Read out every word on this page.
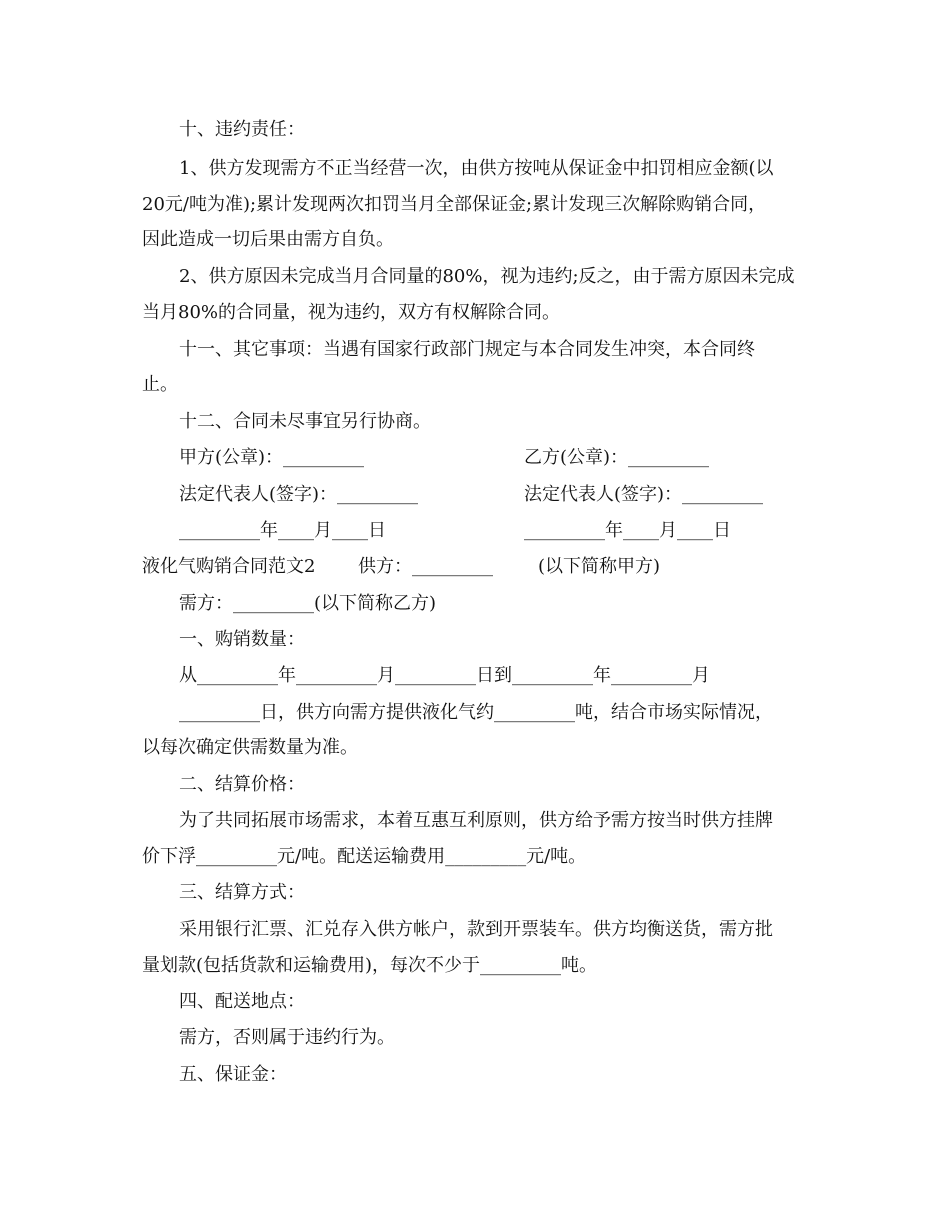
十、违约责任：
1、供方发现需方不正当经营一次，由供方按吨从保证金中扣罚相应金额(以
20元/吨为准);累计发现两次扣罚当月全部保证金;累计发现三次解除购销合同，
因此造成一切后果由需方自负。
2、供方原因未完成当月合同量的80%，视为违约;反之，由于需方原因未完成
当月80%的合同量，视为违约，双方有权解除合同。
十一、其它事项：当遇有国家行政部门规定与本合同发生冲突，本合同终
止。
十二、合同未尽事宜另行协商。
甲方(公章)：_________	乙方(公章)：_________
法定代表人(签字)：_________	法定代表人(签字)：_________
_________年____月____日	_________年____月____日
液化气购销合同范文2 供方：_________	(以下简称甲方)
需方：_________(以下简称乙方)
一、购销数量：
从_________年_________月_________日到_________年_________月
_________日，供方向需方提供液化气约_________吨，结合市场实际情况，
以每次确定供需数量为准。
二、结算价格：
为了共同拓展市场需求，本着互惠互利原则，供方给予需方按当时供方挂牌
价下浮_________元/吨。配送运输费用_________元/吨。
三、结算方式：
采用银行汇票、汇兑存入供方帐户，款到开票装车。供方均衡送货，需方批
量划款(包括货款和运输费用)，每次不少于_________吨。
四、配送地点：
需方，否则属于违约行为。
五、保证金：
